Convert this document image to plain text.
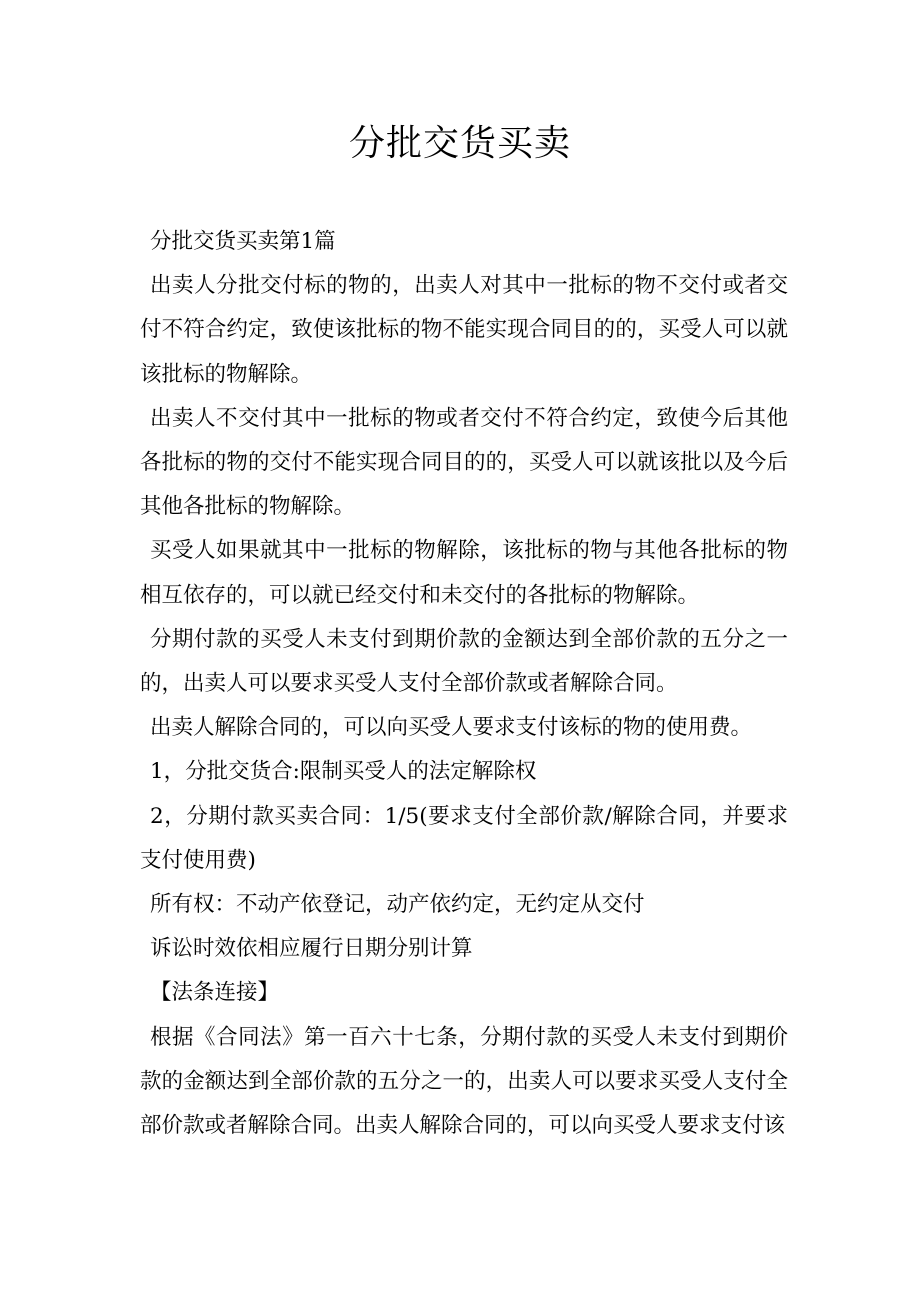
分批交货买卖

分批交货买卖第1篇

出卖人分批交付标的物的，出卖人对其中一批标的物不交付或者交付不符合约定，致使该批标的物不能实现合同目的的，买受人可以就该批标的物解除。

出卖人不交付其中一批标的物或者交付不符合约定，致使今后其他各批标的物的交付不能实现合同目的的，买受人可以就该批以及今后其他各批标的物解除。

买受人如果就其中一批标的物解除，该批标的物与其他各批标的物相互依存的，可以就已经交付和未交付的各批标的物解除。

分期付款的买受人未支付到期价款的金额达到全部价款的五分之一的，出卖人可以要求买受人支付全部价款或者解除合同。

出卖人解除合同的，可以向买受人要求支付该标的物的使用费。

1，分批交货合:限制买受人的法定解除权

2，分期付款买卖合同：1/5(要求支付全部价款/解除合同，并要求支付使用费)

所有权：不动产依登记，动产依约定，无约定从交付

诉讼时效依相应履行日期分别计算

【法条连接】

根据《合同法》第一百六十七条，分期付款的买受人未支付到期价款的金额达到全部价款的五分之一的，出卖人可以要求买受人支付全部价款或者解除合同。出卖人解除合同的，可以向买受人要求支付该
